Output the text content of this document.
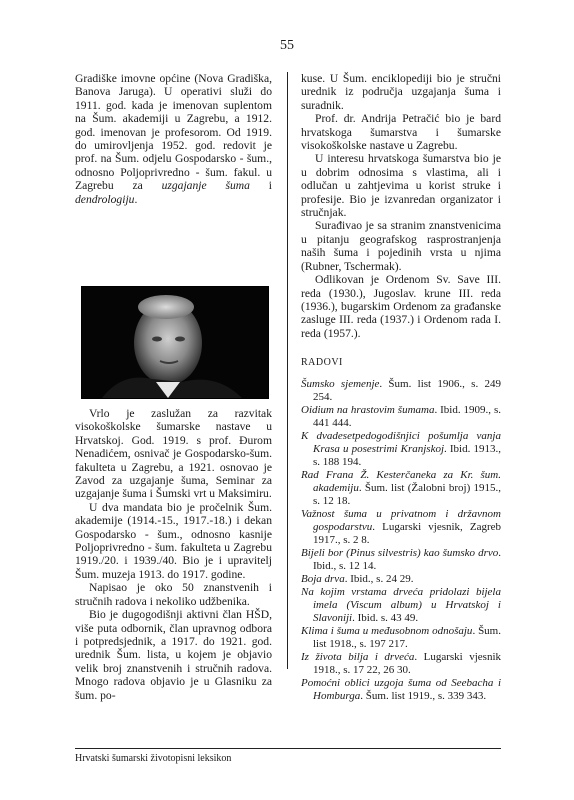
55

Gradiške imovne općine (Nova Gradiška, Banova Jaruga). U operativi služi do 1911. god. kada je imenovan suplentom na Šum. akademiji u Zagrebu, a 1912. god. imenovan je profesorom. Od 1919. do umirovljenja 1952. god. redovit je prof. na Šum. odjelu Gospodarsko - šum., odnosno Poljoprivredno - šum. fakul. u Zagrebu za uzgajanje šuma i dendrologiju.

Vrlo je zaslužan za razvitak visokoškolske šumarske nastave u Hrvatskoj. God. 1919. s prof. Đurom Nenadićem, osnivač je Gospodarsko-šum. fakulteta u Zagrebu, a 1921. osnovao je Zavod za uzgajanje šuma, Seminar za uzgajanje šuma i Šumski vrt u Maksimiru.

U dva mandata bio je pročelnik Šum. akademije (1914.-15., 1917.-18.) i dekan Gospodarsko - šum., odnosno kasnije Poljoprivredno - šum. fakulteta u Zagrebu 1919./20. i 1939./40. Bio je i upravitelj Šum. muzeja 1913. do 1917. godine.

Napisao je oko 50 znanstvenih i stručnih radova i nekoliko udžbenika.

Bio je dugogodišnji aktivni član HŠD, više puta odbornik, član upravnog odbora i potpredsjednik, a 1917. do 1921. god. urednik Šum. lista, u kojem je objavio velik broj znanstvenih i stručnih radova. Mnogo radova objavio je u Glasniku za šum. po-

kuse. U Šum. enciklopediji bio je stručni urednik iz područja uzgajanja šuma i suradnik.

Prof. dr. Andrija Petračić bio je bard hrvatskoga šumarstva i šumarske visokoškolske nastave u Zagrebu.

U interesu hrvatskoga šumarstva bio je u dobrim odnosima s vlastima, ali i odlučan u zahtjevima u korist struke i profesije. Bio je izvanredan organizator i stručnjak.

Surađivao je sa stranim znanstvenicima u pitanju geografskog rasprostranjenja naših šuma i pojedinih vrsta u njima (Rubner, Tschermak).

Odlikovan je Ordenom Sv. Save III. reda (1930.), Jugoslav. krune III. reda (1936.), bugarskim Ordenom za građanske zasluge III. reda (1937.) i Ordenom rada I. reda (1957.).

RADOVI

Šumsko sjemenje. Šum. list 1906., s. 249 254.

Oidium na hrastovim šumama. Ibid. 1909., s. 441 444.

K dvadesetpedogodišnjici pošumlja vanja Krasa u posestrimi Kranjskoj. Ibid. 1913., s. 188 194.

Rad Frana Ž. Kesterčaneka za Kr. šum. akademiju. Šum. list (Žalobni broj) 1915., s. 12 18.

Važnost šuma u privatnom i državnom gospodarstvu. Lugarski vjesnik, Zagreb 1917., s. 2 8.

Bijeli bor (Pinus silvestris) kao šumsko drvo. Ibid., s. 12 14.

Boja drva. Ibid., s. 24 29.

Na kojim vrstama drveća pridolazi bijela imela (Viscum album) u Hrvatskoj i Slavoniji. Ibid. s. 43 49.

Klima i šuma u međusobnom odnošaju. Šum. list 1918., s. 197 217.

Iz života bilja i drveća. Lugarski vjesnik 1918., s. 17 22, 26 30.

Pomoćni oblici uzgoja šuma od Seebacha i Homburga. Šum. list 1919., s. 339 343.

Hrvatski šumarski životopisni leksikon
